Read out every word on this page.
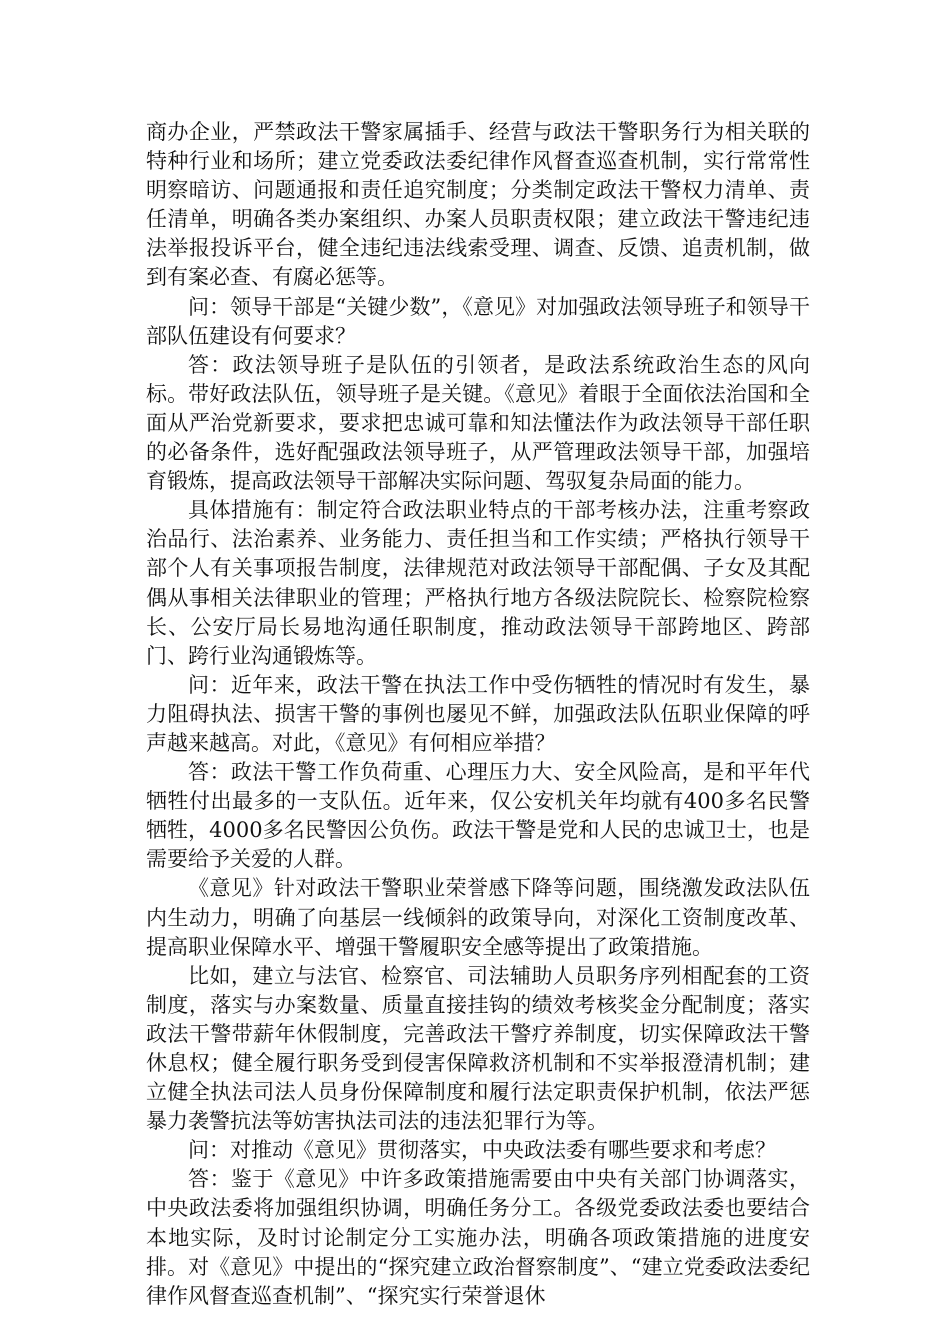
商办企业，严禁政法干警家属插手、经营与政法干警职务行为相关联的特种行业和场所；建立党委政法委纪律作风督查巡查机制，实行常常性明察暗访、问题通报和责任追究制度；分类制定政法干警权力清单、责任清单，明确各类办案组织、办案人员职责权限；建立政法干警违纪违法举报投诉平台，健全违纪违法线索受理、调查、反馈、追责机制，做到有案必查、有腐必惩等。

问：领导干部是“关键少数”，《意见》对加强政法领导班子和领导干部队伍建设有何要求？

答：政法领导班子是队伍的引领者，是政法系统政治生态的风向标。带好政法队伍，领导班子是关键。《意见》着眼于全面依法治国和全面从严治党新要求，要求把忠诚可靠和知法懂法作为政法领导干部任职的必备条件，选好配强政法领导班子，从严管理政法领导干部，加强培育锻炼，提高政法领导干部解决实际问题、驾驭复杂局面的能力。

具体措施有：制定符合政法职业特点的干部考核办法，注重考察政治品行、法治素养、业务能力、责任担当和工作实绩；严格执行领导干部个人有关事项报告制度，法律规范对政法领导干部配偶、子女及其配偶从事相关法律职业的管理；严格执行地方各级法院院长、检察院检察长、公安厅局长易地沟通任职制度，推动政法领导干部跨地区、跨部门、跨行业沟通锻炼等。

问：近年来，政法干警在执法工作中受伤牺牲的情况时有发生，暴力阻碍执法、损害干警的事例也屡见不鲜，加强政法队伍职业保障的呼声越来越高。对此，《意见》有何相应举措？

答：政法干警工作负荷重、心理压力大、安全风险高，是和平年代牺牲付出最多的一支队伍。近年来，仅公安机关年均就有400多名民警牺牲，4000多名民警因公负伤。政法干警是党和人民的忠诚卫士，也是需要给予关爱的人群。

《意见》针对政法干警职业荣誉感下降等问题，围绕激发政法队伍内生动力，明确了向基层一线倾斜的政策导向，对深化工资制度改革、提高职业保障水平、增强干警履职安全感等提出了政策措施。

比如，建立与法官、检察官、司法辅助人员职务序列相配套的工资制度，落实与办案数量、质量直接挂钩的绩效考核奖金分配制度；落实政法干警带薪年休假制度，完善政法干警疗养制度，切实保障政法干警休息权；健全履行职务受到侵害保障救济机制和不实举报澄清机制；建立健全执法司法人员身份保障制度和履行法定职责保护机制，依法严惩暴力袭警抗法等妨害执法司法的违法犯罪行为等。

问：对推动《意见》贯彻落实，中央政法委有哪些要求和考虑？

答：鉴于《意见》中许多政策措施需要由中央有关部门协调落实，中央政法委将加强组织协调，明确任务分工。各级党委政法委也要结合本地实际，及时讨论制定分工实施办法，明确各项政策措施的进度安排。对《意见》中提出的“探究建立政治督察制度”、“建立党委政法委纪律作风督查巡查机制”、“探究实行荣誉退休
